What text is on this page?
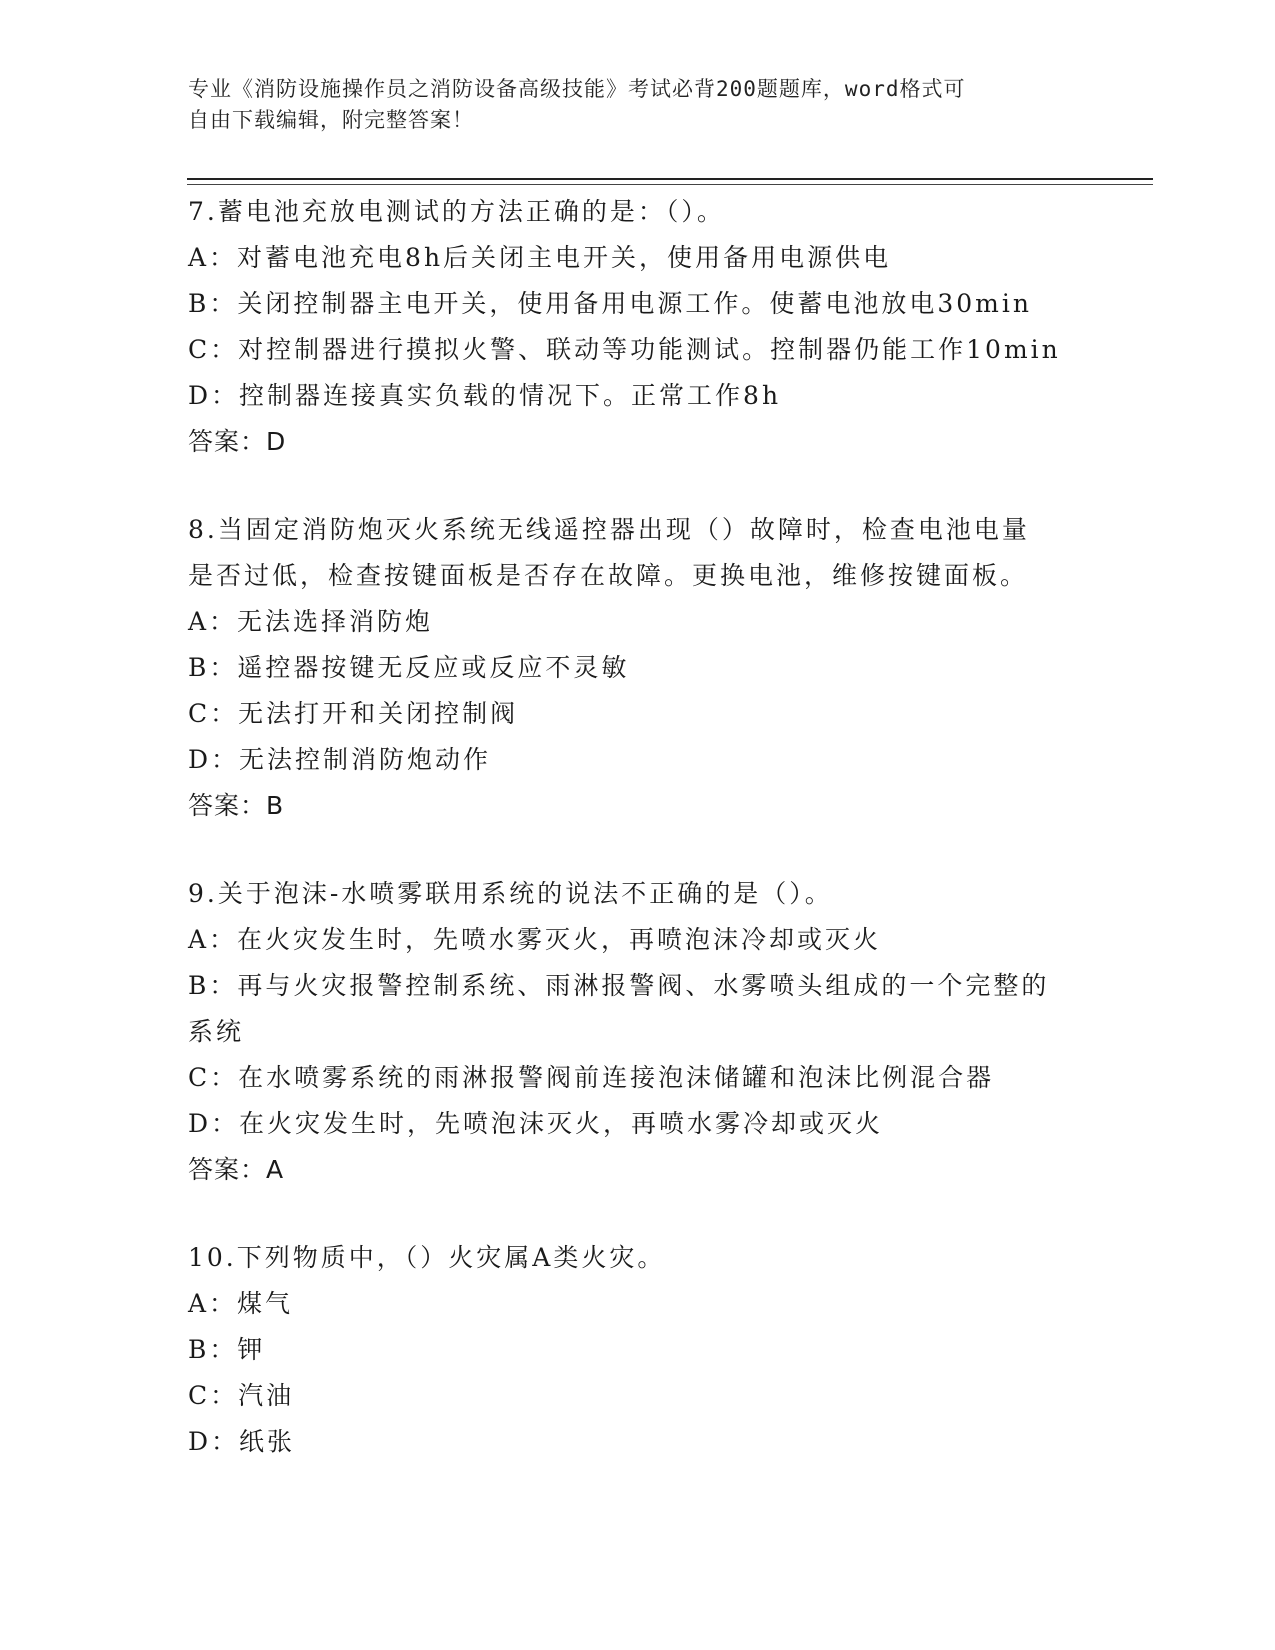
专业《消防设施操作员之消防设备高级技能》考试必背200题题库，word格式可
自由下载编辑，附完整答案！
7.蓄电池充放电测试的方法正确的是：（）。
A：对蓄电池充电8h后关闭主电开关，使用备用电源供电
B：关闭控制器主电开关，使用备用电源工作。使蓄电池放电30min
C：对控制器进行摸拟火警、联动等功能测试。控制器仍能工作10min
D：控制器连接真实负载的情况下。正常工作8h
答案：D
8.当固定消防炮灭火系统无线遥控器出现（）故障时，检查电池电量
是否过低，检查按键面板是否存在故障。更换电池，维修按键面板。
A：无法选择消防炮
B：遥控器按键无反应或反应不灵敏
C：无法打开和关闭控制阀
D：无法控制消防炮动作
答案：B
9.关于泡沫-水喷雾联用系统的说法不正确的是（）。
A：在火灾发生时，先喷水雾灭火，再喷泡沫冷却或灭火
B：再与火灾报警控制系统、雨淋报警阀、水雾喷头组成的一个完整的
系统
C：在水喷雾系统的雨淋报警阀前连接泡沫储罐和泡沫比例混合器
D：在火灾发生时，先喷泡沫灭火，再喷水雾冷却或灭火
答案：A
10.下列物质中，（）火灾属A类火灾。
A：煤气
B：钾
C：汽油
D：纸张
